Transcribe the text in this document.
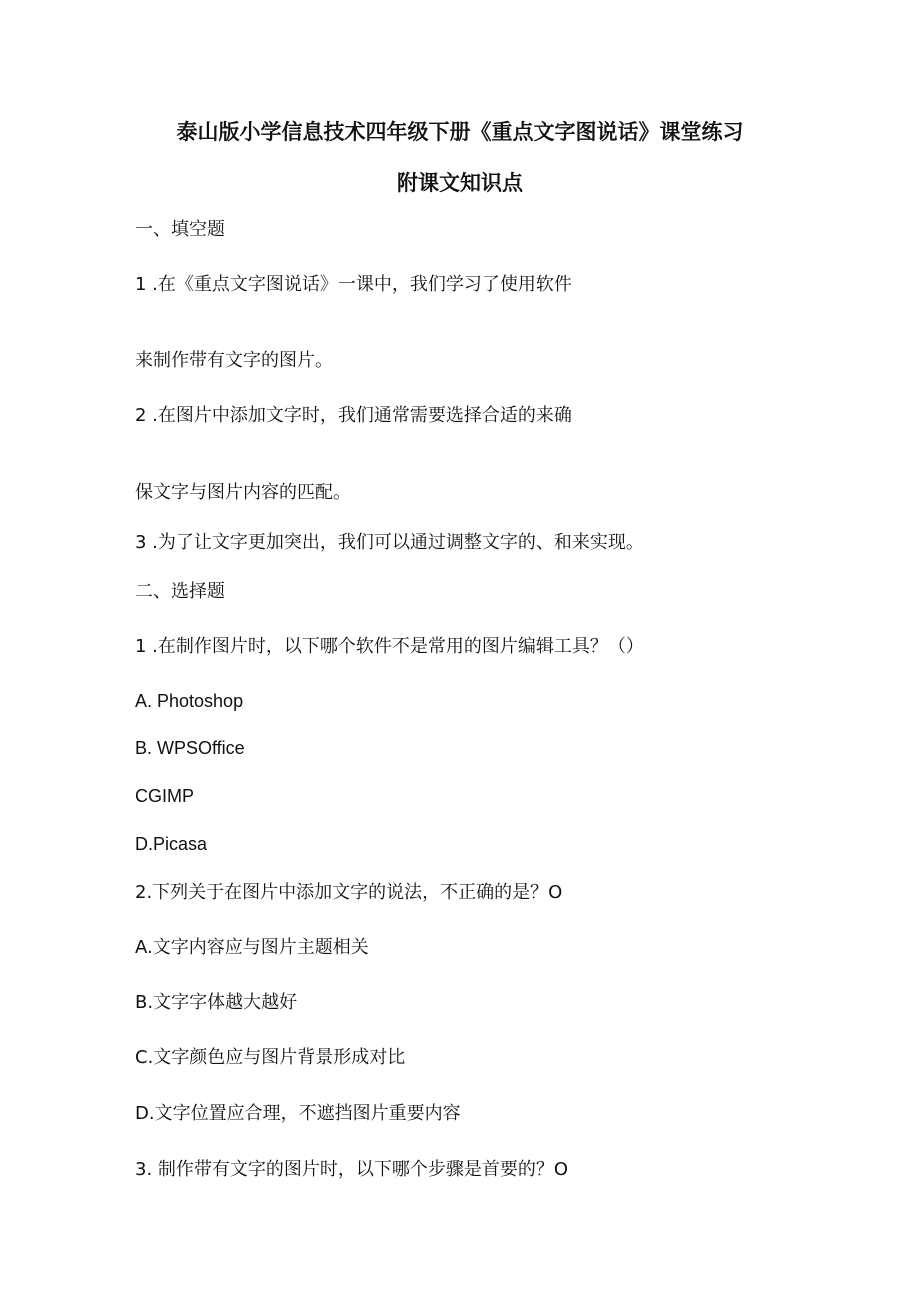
泰山版小学信息技术四年级下册《重点文字图说话》课堂练习
附课文知识点
一、填空题
1 .在《重点文字图说话》一课中，我们学习了使用软件
来制作带有文字的图片。
2 .在图片中添加文字时，我们通常需要选择合适的来确
保文字与图片内容的匹配。
3 .为了让文字更加突出，我们可以通过调整文字的、和来实现。
二、选择题
1 .在制作图片时，以下哪个软件不是常用的图片编辑工具？（）
A. Photoshop
B. WPSOffice
CGIMP
D.Picasa
2.下列关于在图片中添加文字的说法，不正确的是？O
A.文字内容应与图片主题相关
B.文字字体越大越好
C.文字颜色应与图片背景形成对比
D.文字位置应合理，不遮挡图片重要内容
3. 制作带有文字的图片时，以下哪个步骤是首要的？O
